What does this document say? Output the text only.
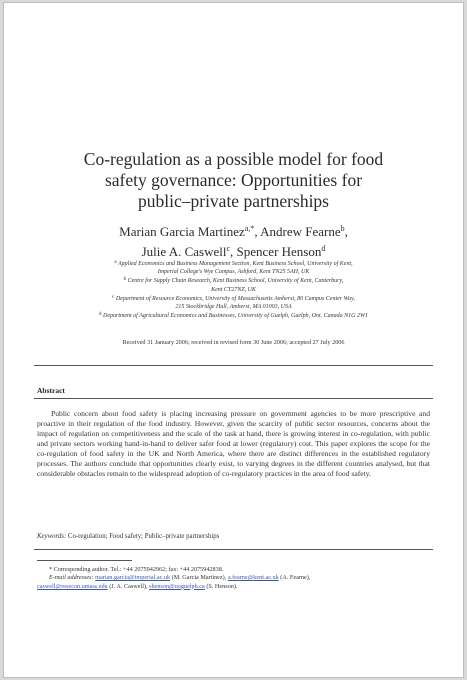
Co-regulation as a possible model for food
safety governance: Opportunities for
public–private partnerships
Marian Garcia Martinez$^{a,*}$, Andrew Fearne$^b$,
Julie A. Caswell$^c$, Spencer Henson$^d$
$^a$ Applied Economics and Business Management Section, Kent Business School, University of Kent,
Imperial College's Wye Campus, Ashford, Kent TN25 5AH, UK
$^b$ Centre for Supply Chain Research, Kent Business School, University of Kent, Canterbury,
Kent CT27NZ, UK
$^c$ Department of Resource Economics, University of Massachusetts Amherst, 80 Campus Center Way,
215 Stockbridge Hall, Amherst, MA 01003, USA
$^d$ Department of Agricultural Economics and Businesses, University of Guelph, Guelph, Ont. Canada N1G 2W1
Received 31 January 2006; received in revised form 30 June 2006; accepted 27 July 2006
Abstract
Public concern about food safety is placing increasing pressure on government agencies to be more prescriptive and proactive in their regulation of the food industry. However, given the scarcity of public sector resources, concerns about the impact of regulation on competitiveness and the scale of the task at hand, there is growing interest in co-regulation, with public and private sectors working hand-in-hand to deliver safer food at lower (regulatory) cost. This paper explores the scope for the co-regulation of food safety in the UK and North America, where there are distinct differences in the established regulatory processes. The authors conclude that opportunities clearly exist, to varying degrees in the different countries analysed, but that considerable obstacles remain to the widespread adoption of co-regulatory practices in the area of food safety.
Keywords: Co-regulation; Food safety; Public–private partnerships
* Corresponding author. Tel.: +44 2075942962; fax: +44 2075942838.
E-mail addresses: marian.garcia@imperial.ac.uk (M. Garcia Martinez), a.fearne@kent.ac.uk (A. Fearne),
caswell@resecon.umass.edu (J. A. Caswell), shenson@uoguelph.ca (S. Henson).
